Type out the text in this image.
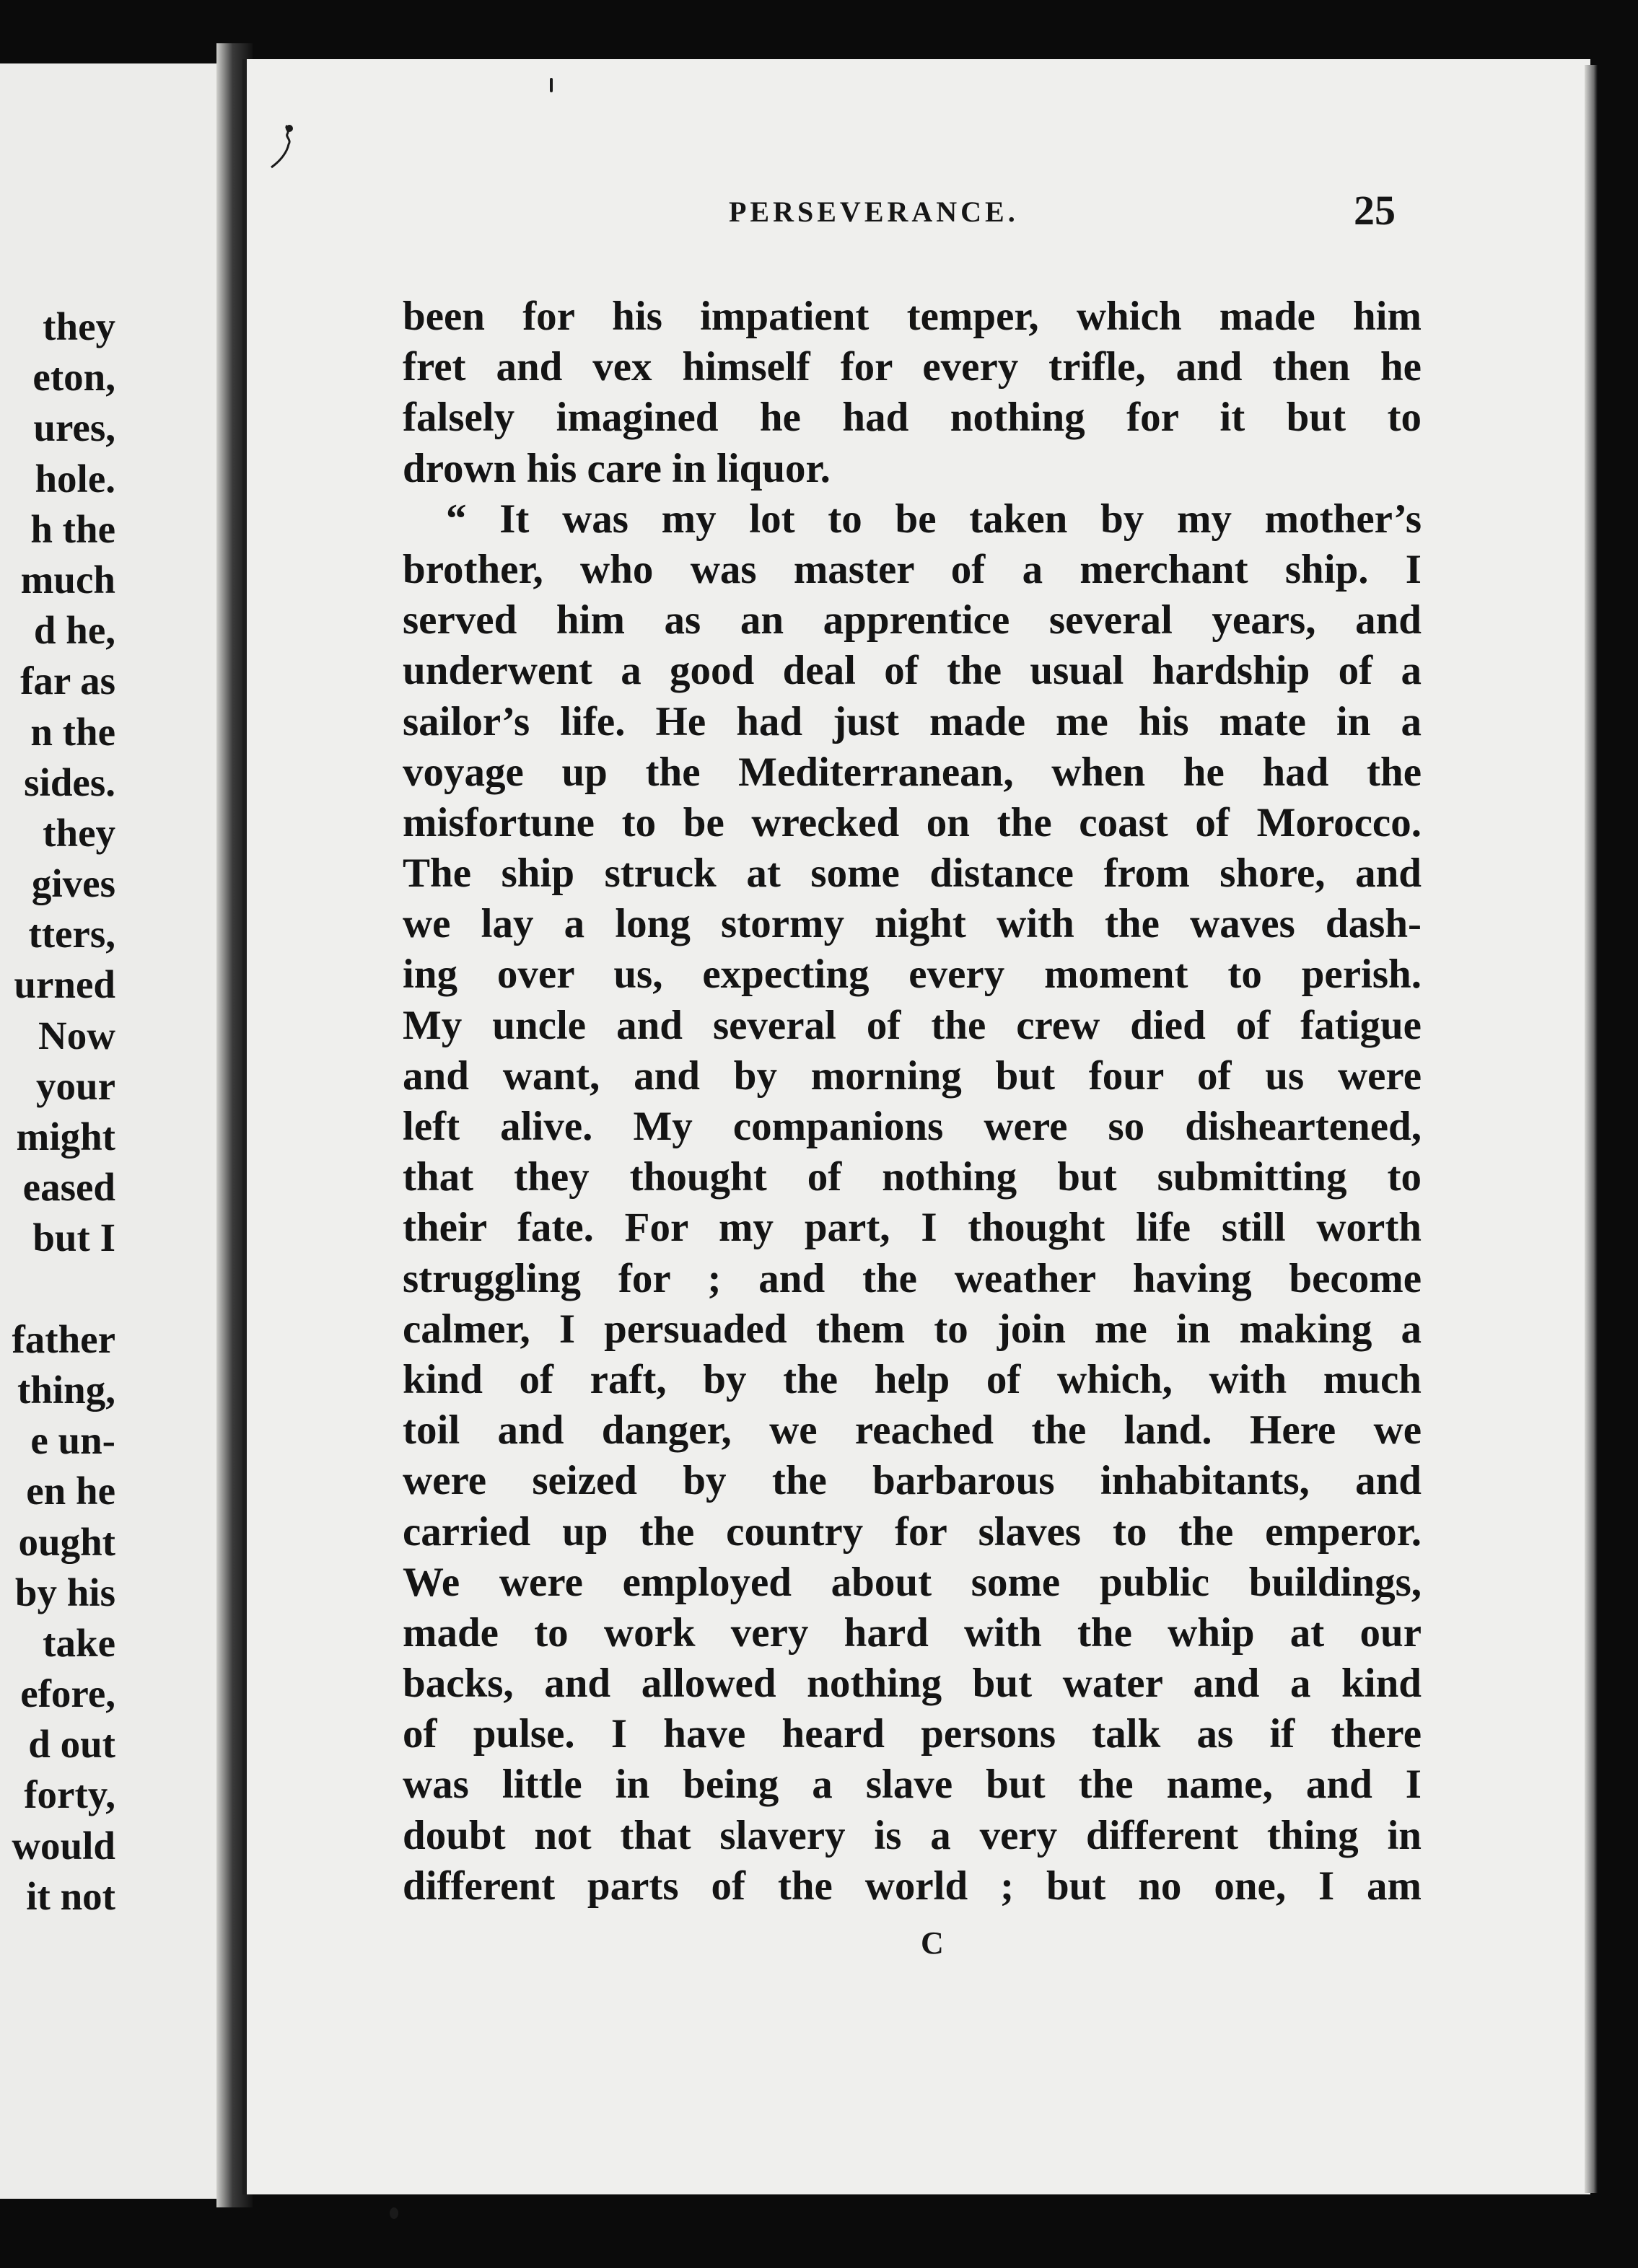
they
eton,
ures,
hole.
h the
much
d he,
far as
n the
sides.
they
gives
tters,
urned
Now
your
might
eased
but I
father
thing,
e un-
en he
ought
by his
take
efore,
d out
forty,
would
it not
PERSEVERANCE.	25
been for his impatient temper, which made him
fret and vex himself for every trifle, and then he
falsely imagined he had nothing for it but to
drown his care in liquor.
“ It was my lot to be taken by my mother’s
brother, who was master of a merchant ship. I
served him as an apprentice several years, and
underwent a good deal of the usual hardship of a
sailor’s life. He had just made me his mate in a
voyage up the Mediterranean, when he had the
misfortune to be wrecked on the coast of Morocco.
The ship struck at some distance from shore, and
we lay a long stormy night with the waves dash-
ing over us, expecting every moment to perish.
My uncle and several of the crew died of fatigue
and want, and by morning but four of us were
left alive. My companions were so disheartened,
that they thought of nothing but submitting to
their fate. For my part, I thought life still worth
struggling for ; and the weather having become
calmer, I persuaded them to join me in making a
kind of raft, by the help of which, with much
toil and danger, we reached the land. Here we
were seized by the barbarous inhabitants, and
carried up the country for slaves to the emperor.
We were employed about some public buildings,
made to work very hard with the whip at our
backs, and allowed nothing but water and a kind
of pulse. I have heard persons talk as if there
was little in being a slave but the name, and I
doubt not that slavery is a very different thing in
different parts of the world ; but no one, I am
C
